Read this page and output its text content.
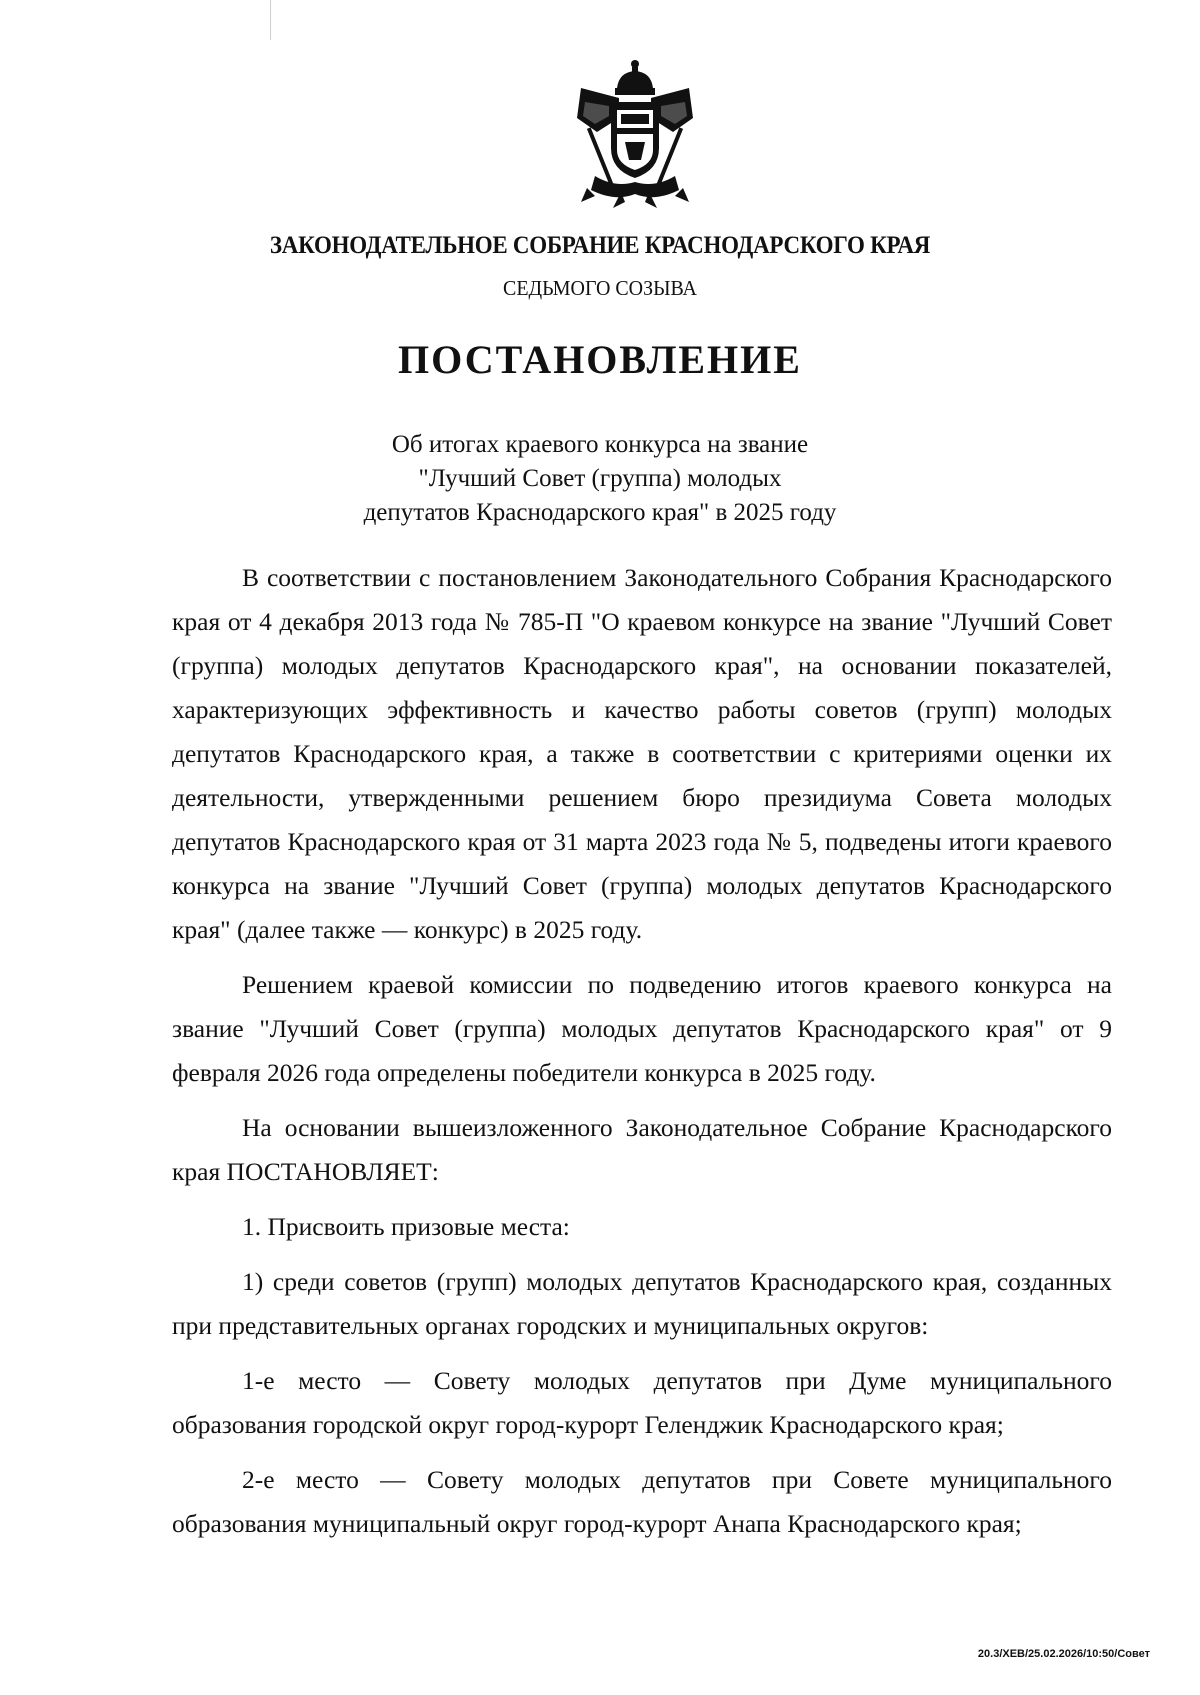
ЗАКОНОДАТЕЛЬНОЕ СОБРАНИЕ КРАСНОДАРСКОГО КРАЯ
СЕДЬМОГО СОЗЫВА
ПОСТАНОВЛЕНИЕ
Об итогах краевого конкурса на звание
"Лучший Совет (группа) молодых
депутатов Краснодарского края" в 2025 году

В соответствии с постановлением Законодательного Собрания Краснодарского края от 4 декабря 2013 года № 785-П "О краевом конкурсе на звание "Лучший Совет (группа) молодых депутатов Краснодарского края", на основании показателей, характеризующих эффективность и качество работы советов (групп) молодых депутатов Краснодарского края, а также в соответствии с критериями оценки их деятельности, утвержденными решением бюро президиума Совета молодых депутатов Краснодарского края от 31 марта 2023 года № 5, подведены итоги краевого конкурса на звание "Лучший Совет (группа) молодых депутатов Краснодарского края" (далее также — конкурс) в 2025 году.

Решением краевой комиссии по подведению итогов краевого конкурса на звание "Лучший Совет (группа) молодых депутатов Краснодарского края" от 9 февраля 2026 года определены победители конкурса в 2025 году.

На основании вышеизложенного Законодательное Собрание Краснодарского края ПОСТАНОВЛЯЕТ:

1. Присвоить призовые места:

1) среди советов (групп) молодых депутатов Краснодарского края, созданных при представительных органах городских и муниципальных округов:

1-е место — Совету молодых депутатов при Думе муниципального образования городской округ город-курорт Геленджик Краснодарского края;

2-е место — Совету молодых депутатов при Совете муниципального образования муниципальный округ город-курорт Анапа Краснодарского края;

20.3/ХЕВ/25.02.2026/10:50/Совет
